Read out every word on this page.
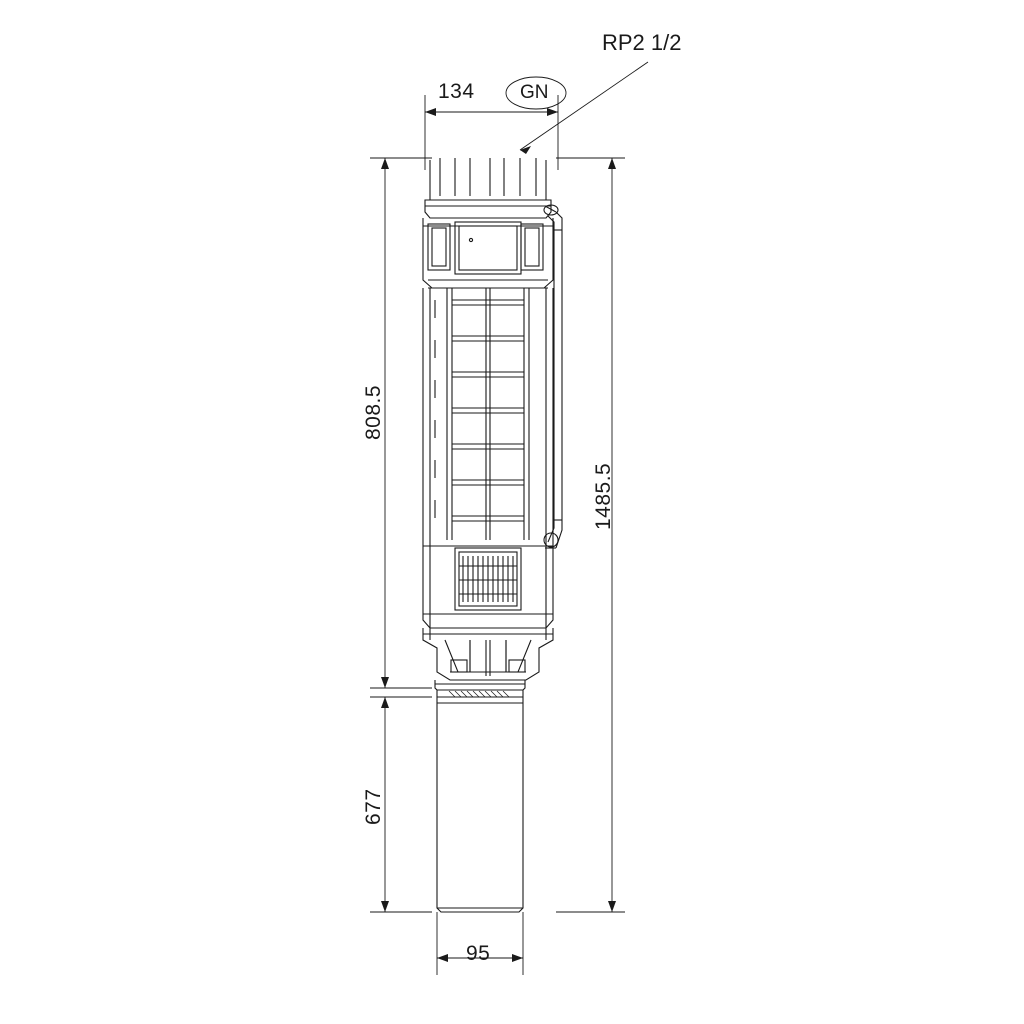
RP2 1/2
GN
134
808.5
1485.5
677
95
